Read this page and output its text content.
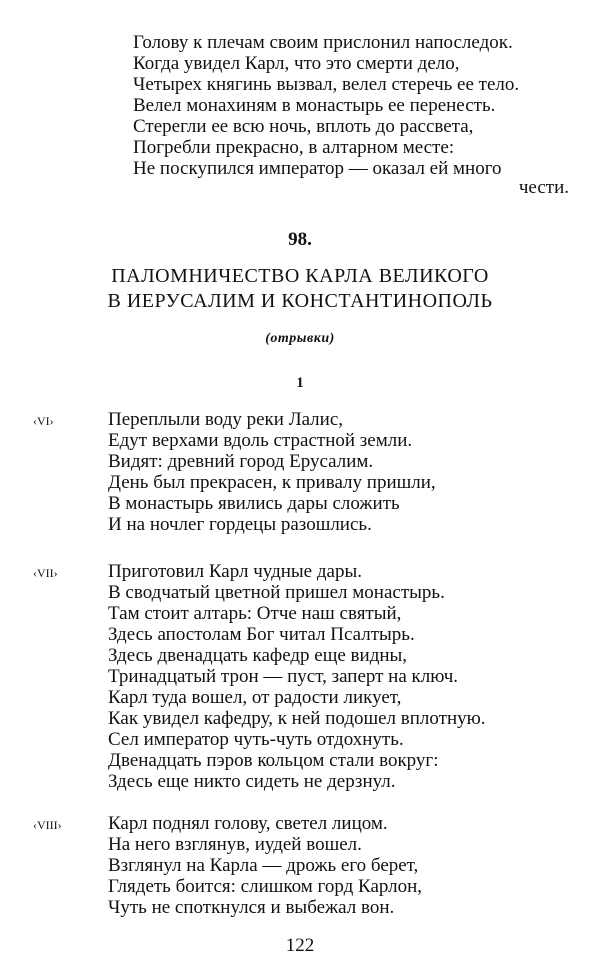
Голову к плечам своим прислонил напоследок.
Когда увидел Карл, что это смерти дело,
Четырех княгинь вызвал, велел стеречь ее тело.
Велел монахиням в монастырь ее перенесть.
Стерегли ее всю ночь, вплоть до рассвета,
Погребли прекрасно, в алтарном месте:
Не поскупился император — оказал ей много
чести.
98.
ПАЛОМНИЧЕСТВО КАРЛА ВЕЛИКОГО
В ИЕРУСАЛИМ И КОНСТАНТИНОПОЛЬ
(отрывки)
1
‹VI›	Переплыли воду реки Лалис,
Едут верхами вдоль страстной земли.
Видят: древний город Ерусалим.
День был прекрасен, к привалу пришли,
В монастырь явились дары сложить
И на ночлег гордецы разошлись.
‹VII›	Приготовил Карл чудные дары.
В сводчатый цветной пришел монастырь.
Там стоит алтарь: Отче наш святый,
Здесь апостолам Бог читал Псалтырь.
Здесь двенадцать кафедр еще видны,
Тринадцатый трон — пуст, заперт на ключ.
Карл туда вошел, от радости ликует,
Как увидел кафедру, к ней подошел вплотную.
Сел император чуть-чуть отдохнуть.
Двенадцать пэров кольцом стали вокруг:
Здесь еще никто сидеть не дерзнул.
‹VIII› Карл поднял голову, светел лицом.
На него взглянув, иудей вошел.
Взглянул на Карла — дрожь его берет,
Глядеть боится: слишком горд Карлон,
Чуть не споткнулся и выбежал вон.
122
